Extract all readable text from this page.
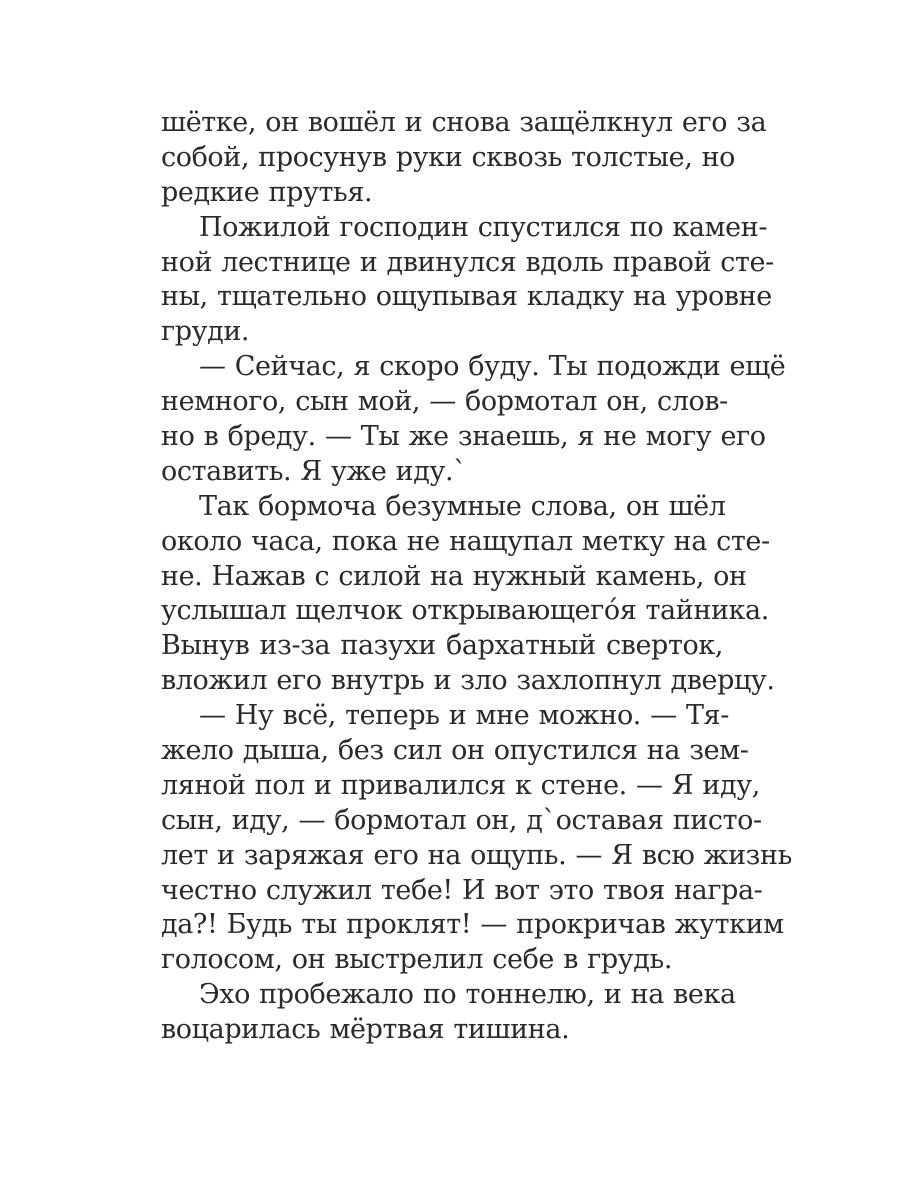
шётке, он вошёл и снова защёлкнул его за
собой, просунув руки сквозь толстые, но
редкие прутья.

Пожилой господин спустился по камен-
ной лестнице и двинулся вдоль правой сте-
ны, тщательно ощупывая кладку на уровне
груди.

— Сейчас, я скоро буду. Ты подожди ещё
немного, сын мой, — бормотал он, слов-
но в бреду. — Ты же знаешь, я не могу его
оставить. Я уже иду.`

Так бормоча безумные слова, он шёл
около часа, пока не нащупал метку на сте-
не. Нажав с силой на нужный камень, он
услышал щелчок открывающегóя тайника.
Вынув из-за пазухи бархатный сверток,
вложил его внутрь и зло захлопнул дверцу.

— Ну всё, теперь и мне можно. — Тя-
жело дыша, без сил он опустился на зем-
ляной пол и привалился к стене. — Я иду,
сын, иду, — бормотал он, д`оставая писто-
лет и заряжая его на ощупь. — Я всю жизнь
честно служил тебе! И вот это твоя награ-
да?! Будь ты проклят! — прокричав жутким
голосом, он выстрелил себе в грудь.

Эхо пробежало по тоннелю, и на века
воцарилась мёртвая тишина.
